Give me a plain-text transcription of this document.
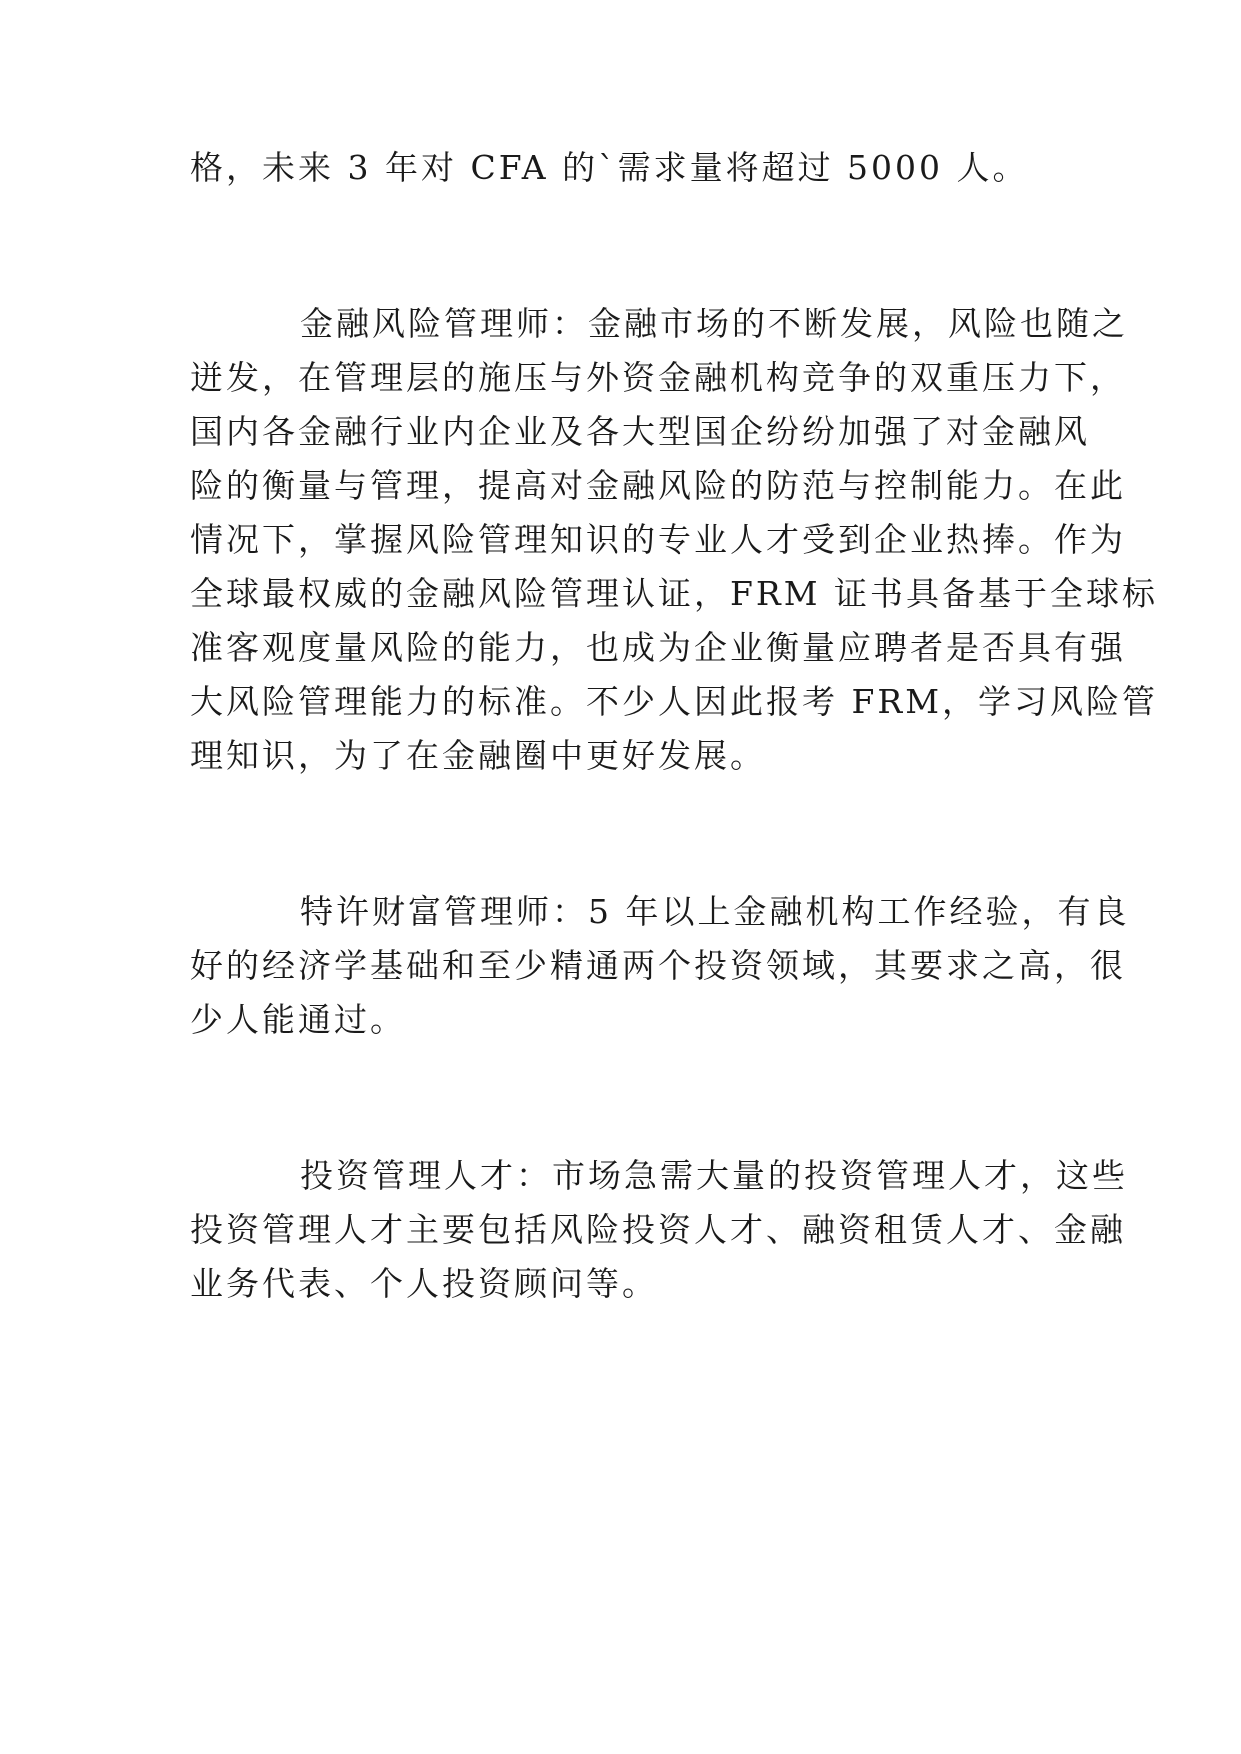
格，未来 3 年对 CFA 的`需求量将超过 5000 人。
金融风险管理师：金融市场的不断发展，风险也随之
迸发，在管理层的施压与外资金融机构竞争的双重压力下，
国内各金融行业内企业及各大型国企纷纷加强了对金融风
险的衡量与管理，提高对金融风险的防范与控制能力。在此
情况下，掌握风险管理知识的专业人才受到企业热捧。作为
全球最权威的金融风险管理认证，FRM 证书具备基于全球标
准客观度量风险的能力，也成为企业衡量应聘者是否具有强
大风险管理能力的标准。不少人因此报考 FRM，学习风险管
理知识，为了在金融圈中更好发展。
特许财富管理师：5 年以上金融机构工作经验，有良
好的经济学基础和至少精通两个投资领域，其要求之高，很
少人能通过。
投资管理人才：市场急需大量的投资管理人才，这些
投资管理人才主要包括风险投资人才、融资租赁人才、金融
业务代表、个人投资顾问等。
